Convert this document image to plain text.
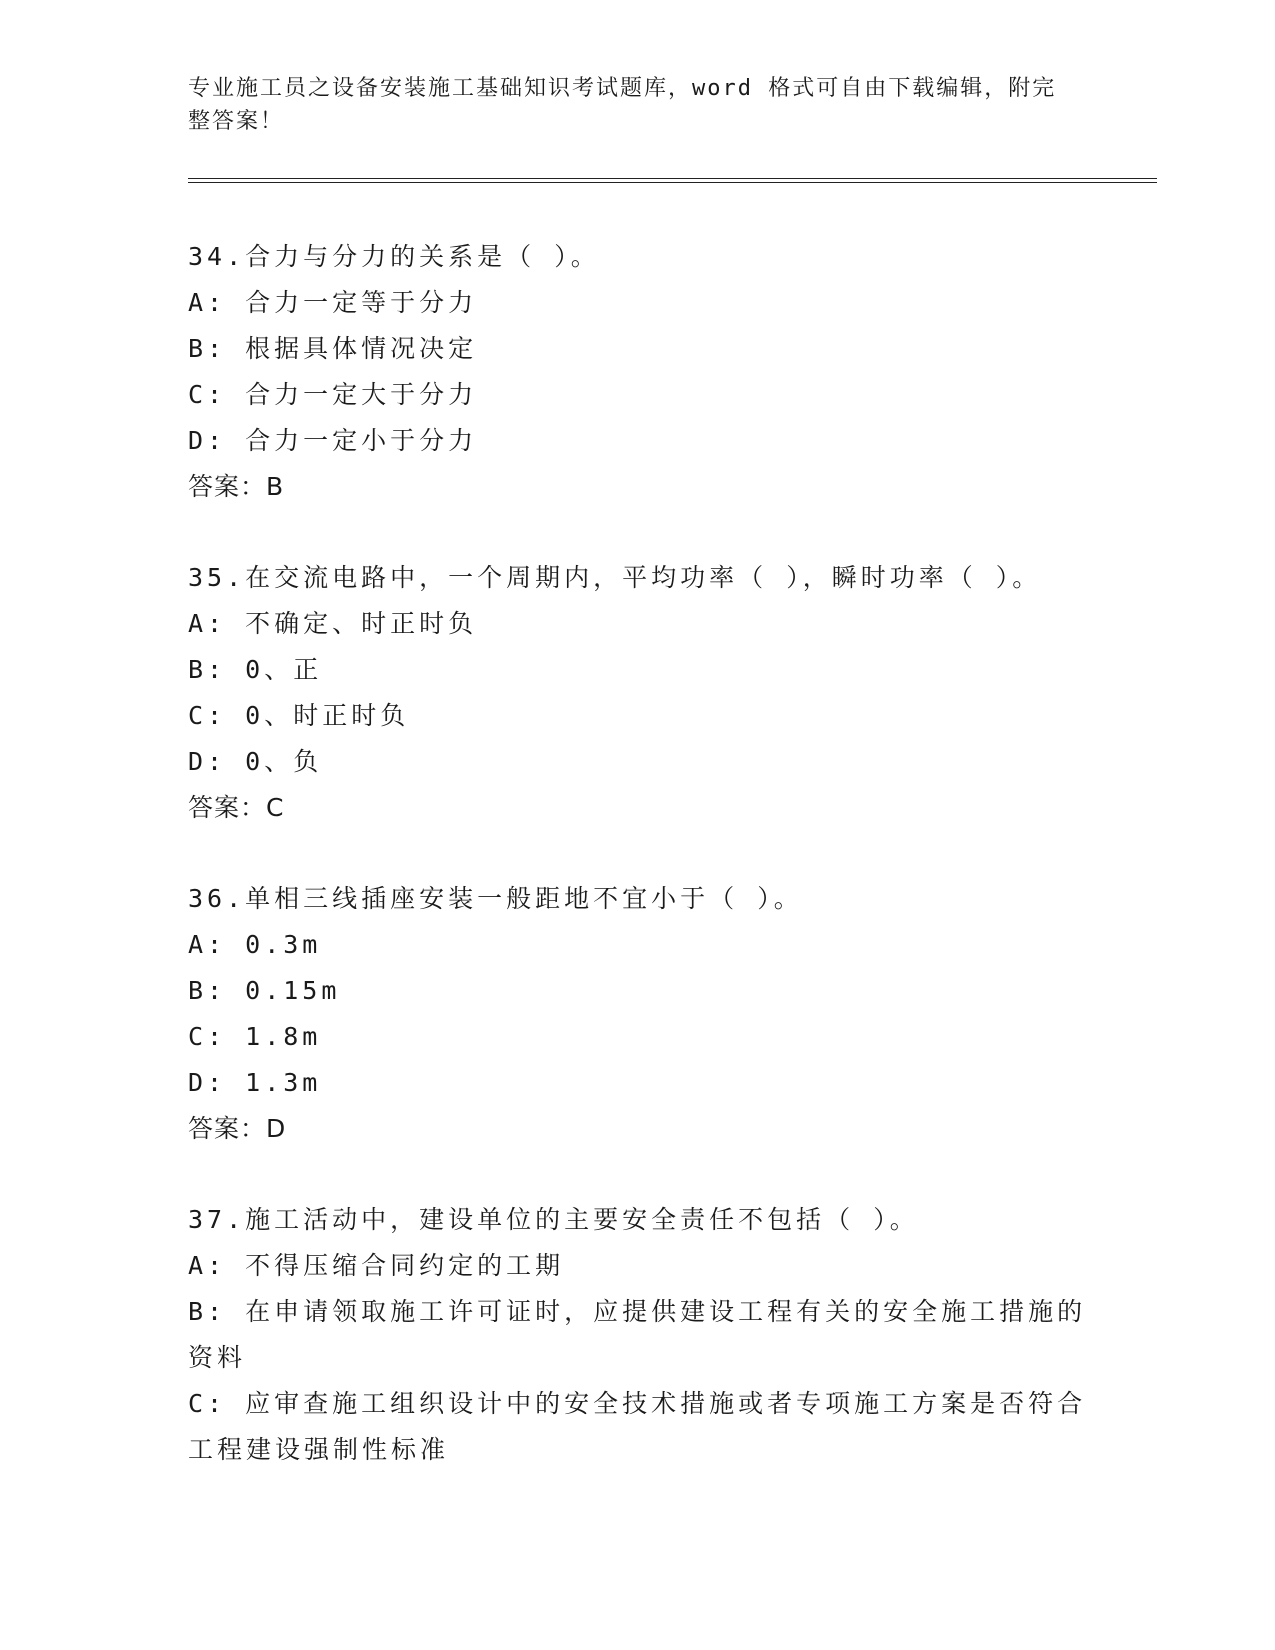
专业施工员之设备安装施工基础知识考试题库，word 格式可自由下载编辑，附完整答案！
34.合力与分力的关系是（ ）。
A: 合力一定等于分力
B: 根据具体情况决定
C: 合力一定大于分力
D: 合力一定小于分力
答案：B
35.在交流电路中，一个周期内，平均功率（ ），瞬时功率（ ）。
A: 不确定、时正时负
B: 0、正
C: 0、时正时负
D: 0、负
答案：C
36.单相三线插座安装一般距地不宜小于（ ）。
A: 0.3m
B: 0.15m
C: 1.8m
D: 1.3m
答案：D
37.施工活动中，建设单位的主要安全责任不包括（ ）。
A: 不得压缩合同约定的工期
B: 在申请领取施工许可证时，应提供建设工程有关的安全施工措施的资料
C: 应审查施工组织设计中的安全技术措施或者专项施工方案是否符合工程建设强制性标准
